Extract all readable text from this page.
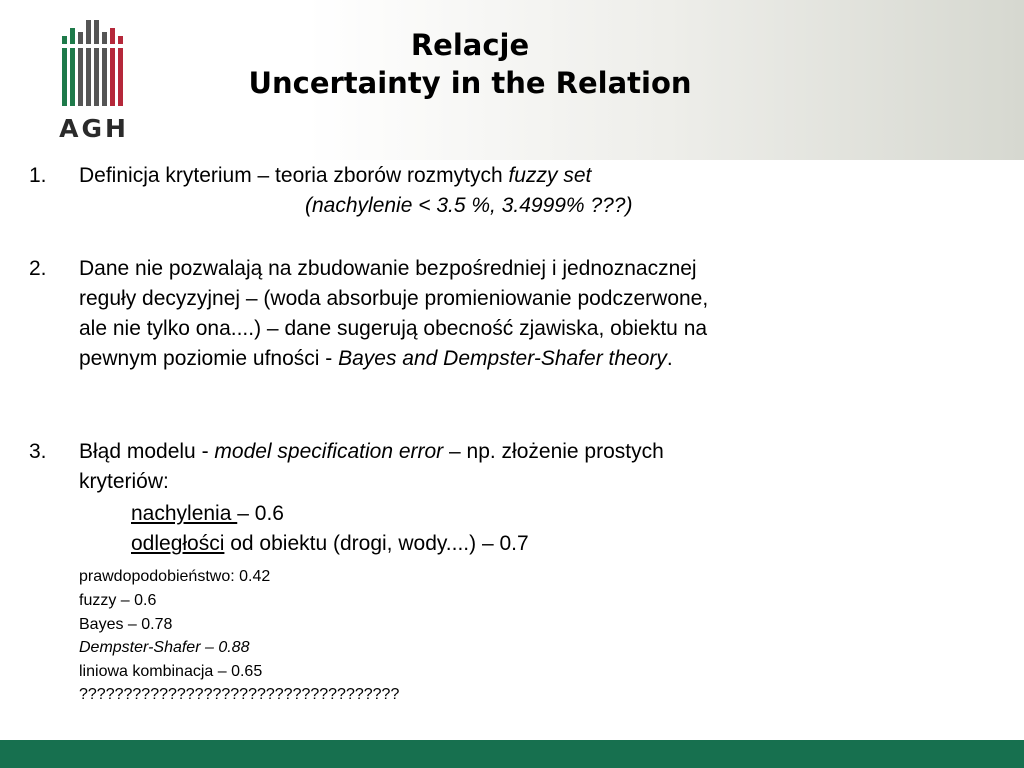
AGH
Relacje
Uncertainty in the Relation
1. Definicja kryterium – teoria zborów rozmytych fuzzy set
(nachylenie < 3.5 %, 3.4999% ???)
2. Dane nie pozwalają na zbudowanie bezpośredniej i jednoznacznej
reguły decyzyjnej – (woda absorbuje promieniowanie podczerwone,
ale nie tylko ona....) – dane sugerują obecność zjawiska, obiektu na
pewnym poziomie ufności - Bayes and Dempster-Shafer theory.
3. Błąd modelu - model specification error – np. złożenie prostych
kryteriów:
nachylenia – 0.6
odległości od obiektu (drogi, wody....) – 0.7
prawdopodobieństwo: 0.42
fuzzy – 0.6
Bayes – 0.78
Dempster-Shafer – 0.88
liniowa kombinacja – 0.65
????????????????????????????????????
